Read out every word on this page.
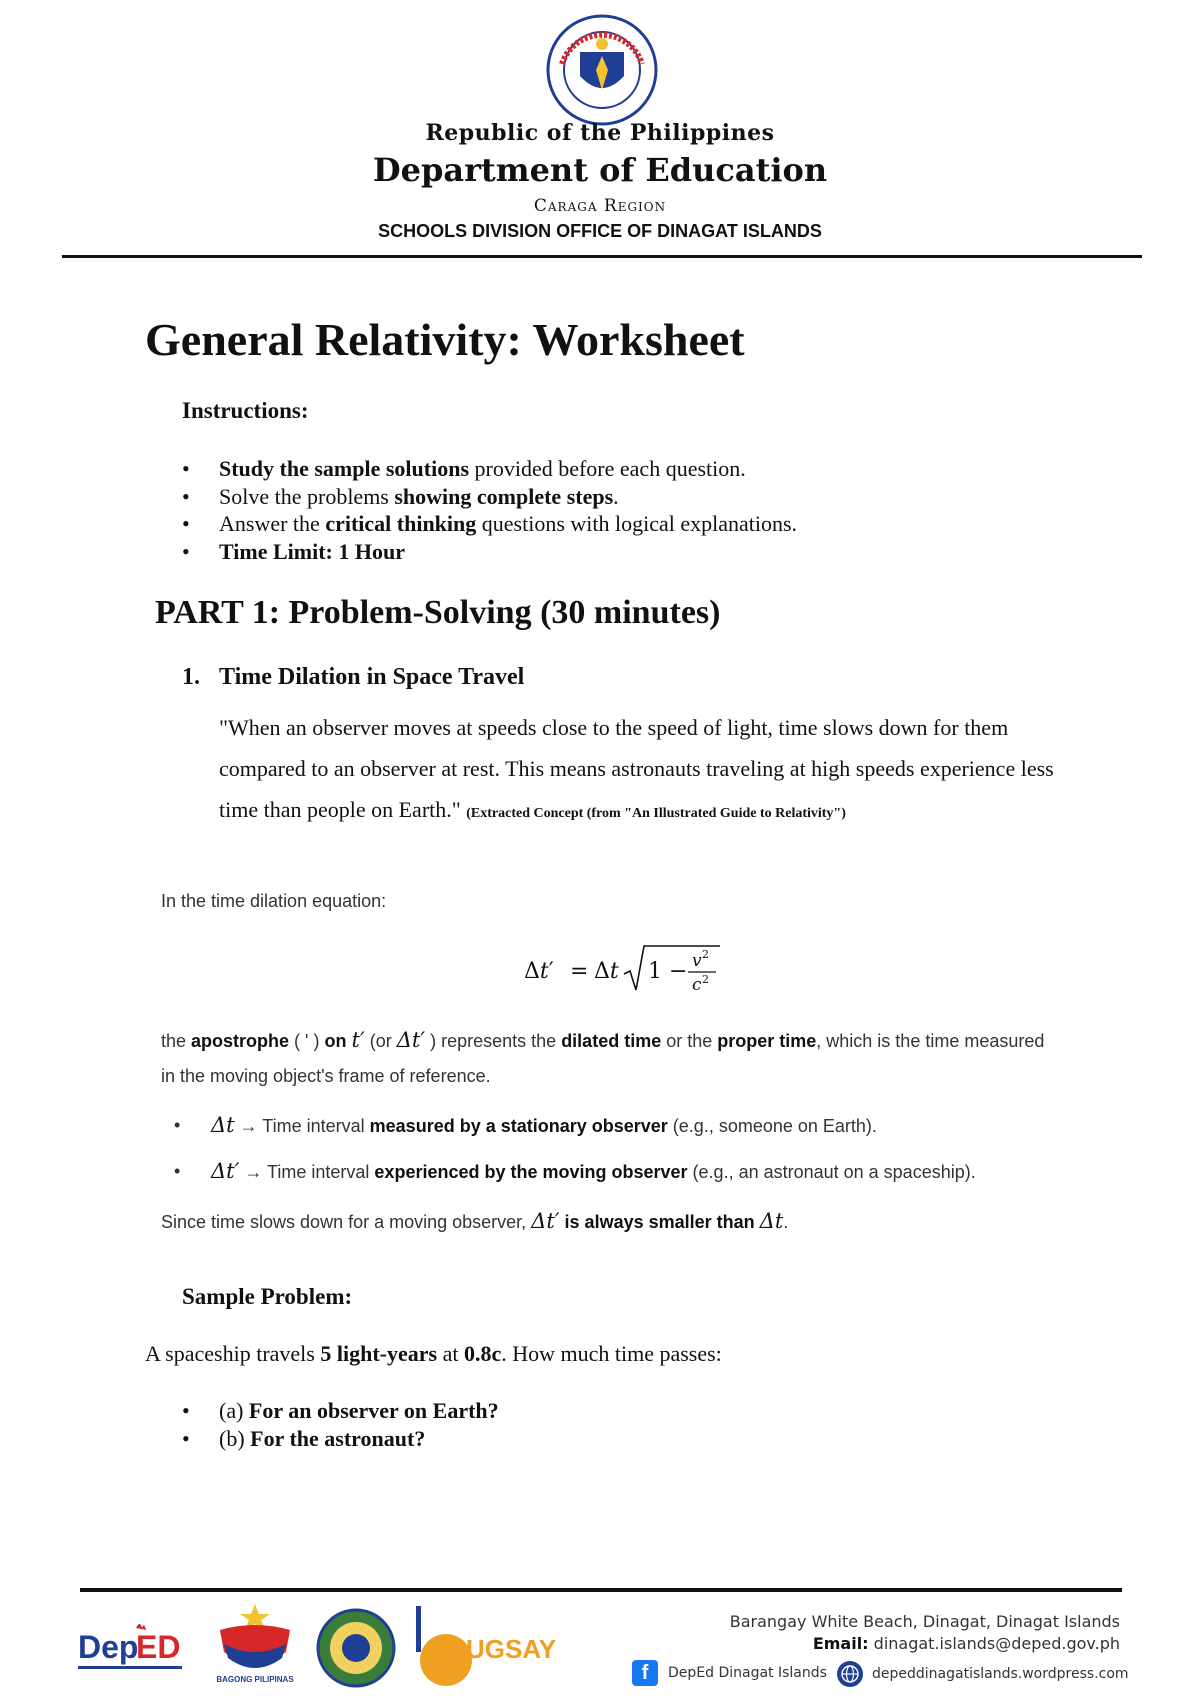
Republic of the Philippines
Department of Education
Caraga Region
SCHOOLS DIVISION OFFICE OF DINAGAT ISLANDS
General Relativity: Worksheet
Instructions:
• Study the sample solutions provided before each question.
• Solve the problems showing complete steps.
• Answer the critical thinking questions with logical explanations.
• Time Limit: 1 Hour
PART 1: Problem-Solving (30 minutes)
1. Time Dilation in Space Travel
"When an observer moves at speeds close to the speed of light, time slows down for them compared to an observer at rest. This means astronauts traveling at high speeds experience less time than people on Earth." (Extracted Concept (from "An Illustrated Guide to Relativity")
In the time dilation equation:
Δt′ = Δt 1 − v 2
c 2
the apostrophe ( ' ) on t′ (or Δt′ ) represents the dilated time or the proper time, which is the time measured in the moving object's frame of reference.
• Δt → Time interval measured by a stationary observer (e.g., someone on Earth).
• Δt′ → Time interval experienced by the moving observer (e.g., an astronaut on a spaceship).
Since time slows down for a moving observer, Δt′ is always smaller than Δt.
Sample Problem:
A spaceship travels 5 light-years at 0.8c. How much time passes:
• (a) For an observer on Earth?
• (b) For the astronaut?
Dep
ED
BAGONG PILIPINAS
UGSAY
Barangay White Beach, Dinagat, Dinagat Islands
Email: dinagat.islands@deped.gov.ph
f	DepEd Dinagat Islands	depeddinagatislands.wordpress.com
